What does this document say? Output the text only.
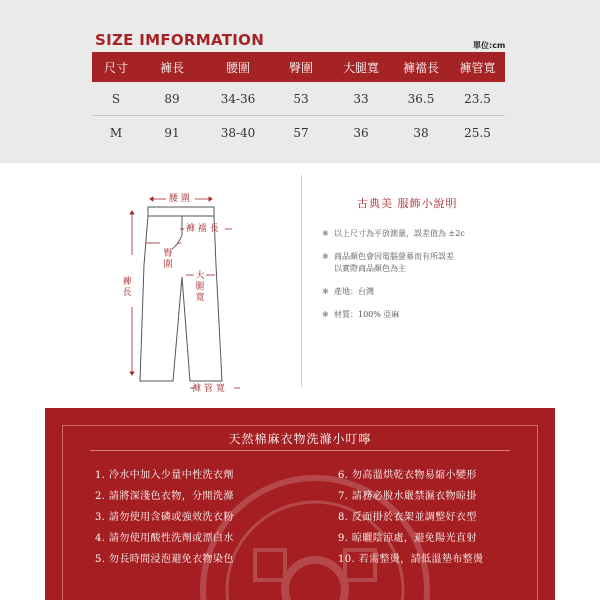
SIZE IMFORMATION	單位:cm
尺寸	褲長	腰圍	臀圍	大腿寬	褲襠長	褲管寬
S	89	34-36	53	33	36.5	23.5
M	91	38-40	57	36	38	25.5
腰 圍
褲 襠 長
臀圍
大腿寬
褲長
褲 管 寬
古典美 服飾小說明
✱ 以上尺寸為平放測量，誤差值為 ±2c
✱ 商品顏色會因電腦螢幕而有所誤差
以實際商品顏色為主
✱ 產地：台灣
✱ 材質：100% 亞麻
天然棉麻衣物洗滌小叮嚀
1. 冷水中加入少量中性洗衣劑
2. 請將深淺色衣物，分開洗滌
3. 請勿使用含磷或強效洗衣粉
4. 請勿使用酸性洗劑或漂白水
5. 勿長時間浸泡避免衣物染色
6. 勿高溫烘乾衣物易縮小變形
7. 請務必脫水嚴禁濕衣物晾掛
8. 反面掛於衣架並調整好衣型
9. 晾曬陰涼處，避免陽光直射
10. 若需整燙，請低溫墊布整燙
